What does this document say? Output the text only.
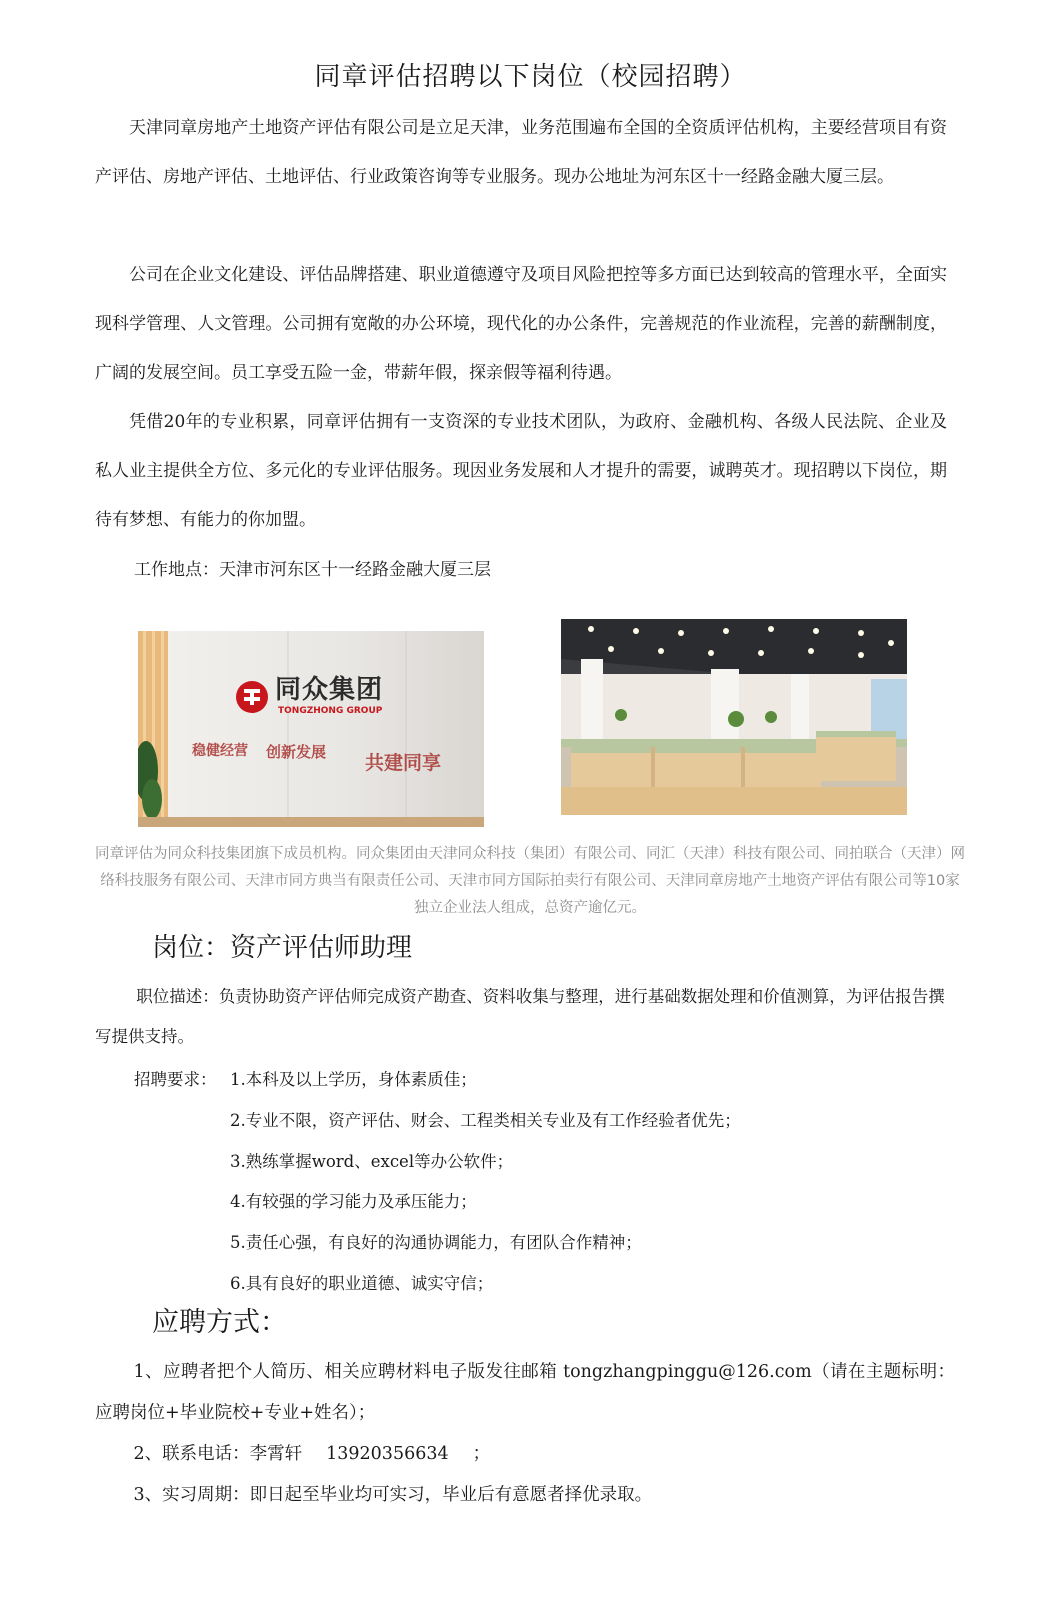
同章评估招聘以下岗位（校园招聘）

天津同章房地产土地资产评估有限公司是立足天津，业务范围遍布全国的全资质评估机构，主要经营项目有资产评估、房地产评估、土地评估、行业政策咨询等专业服务。现办公地址为河东区十一经路金融大厦三层。

公司在企业文化建设、评估品牌搭建、职业道德遵守及项目风险把控等多方面已达到较高的管理水平，全面实现科学管理、人文管理。公司拥有宽敞的办公环境，现代化的办公条件，完善规范的作业流程，完善的薪酬制度，广阔的发展空间。员工享受五险一金，带薪年假，探亲假等福利待遇。

凭借20年的专业积累，同章评估拥有一支资深的专业技术团队，为政府、金融机构、各级人民法院、企业及私人业主提供全方位、多元化的专业评估服务。现因业务发展和人才提升的需要，诚聘英才。现招聘以下岗位，期待有梦想、有能力的你加盟。

工作地点：天津市河东区十一经路金融大厦三层
同众集团
TONGZHONG GROUP
稳健经营 创新发展 共建同享
同章评估为同众科技集团旗下成员机构。同众集团由天津同众科技（集团）有限公司、同汇（天津）科技有限公司、同拍联合（天津）网络科技服务有限公司、天津市同方典当有限责任公司、天津市同方国际拍卖行有限公司、天津同章房地产土地资产评估有限公司等10家独立企业法人组成，总资产逾亿元。
岗位：资产评估师助理

职位描述：负责协助资产评估师完成资产勘查、资料收集与整理，进行基础数据处理和价值测算，为评估报告撰写提供支持。

招聘要求： 1.本科及以上学历，身体素质佳；
2.专业不限，资产评估、财会、工程类相关专业及有工作经验者优先；
3.熟练掌握word、excel等办公软件；
4.有较强的学习能力及承压能力；
5.责任心强，有良好的沟通协调能力，有团队合作精神；
6.具有良好的职业道德、诚实守信；
应聘方式：

1、应聘者把个人简历、相关应聘材料电子版发往邮箱 tongzhangpinggu@126.com（请在主题标明：应聘岗位+毕业院校+专业+姓名）；

2、联系电话：李霄轩 13920356634 ；

3、实习周期：即日起至毕业均可实习，毕业后有意愿者择优录取。
